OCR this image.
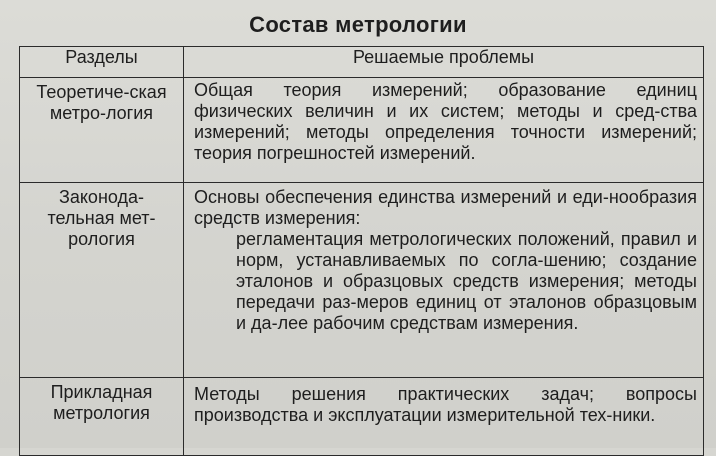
Состав метрологии
Разделы	Решаемые проблемы
Теоретиче-ская метро-логия	Общая теория измерений; образование единиц физических величин и их систем; методы и сред-ства измерений; методы определения точности измерений; теория погрешностей измерений.
Законода-тельная мет-рология	Основы обеспечения единства измерений и еди-нообразия средств измерения:
регламентация метрологических положений, правил и норм, устанавливаемых по согла-шению; создание эталонов и образцовых средств измерения; методы передачи раз-меров единиц от эталонов образцовым и да-лее рабочим средствам измерения.

Прикладная метрология	Методы решения практических задач; вопросы производства и эксплуатации измерительной тех-ники.
